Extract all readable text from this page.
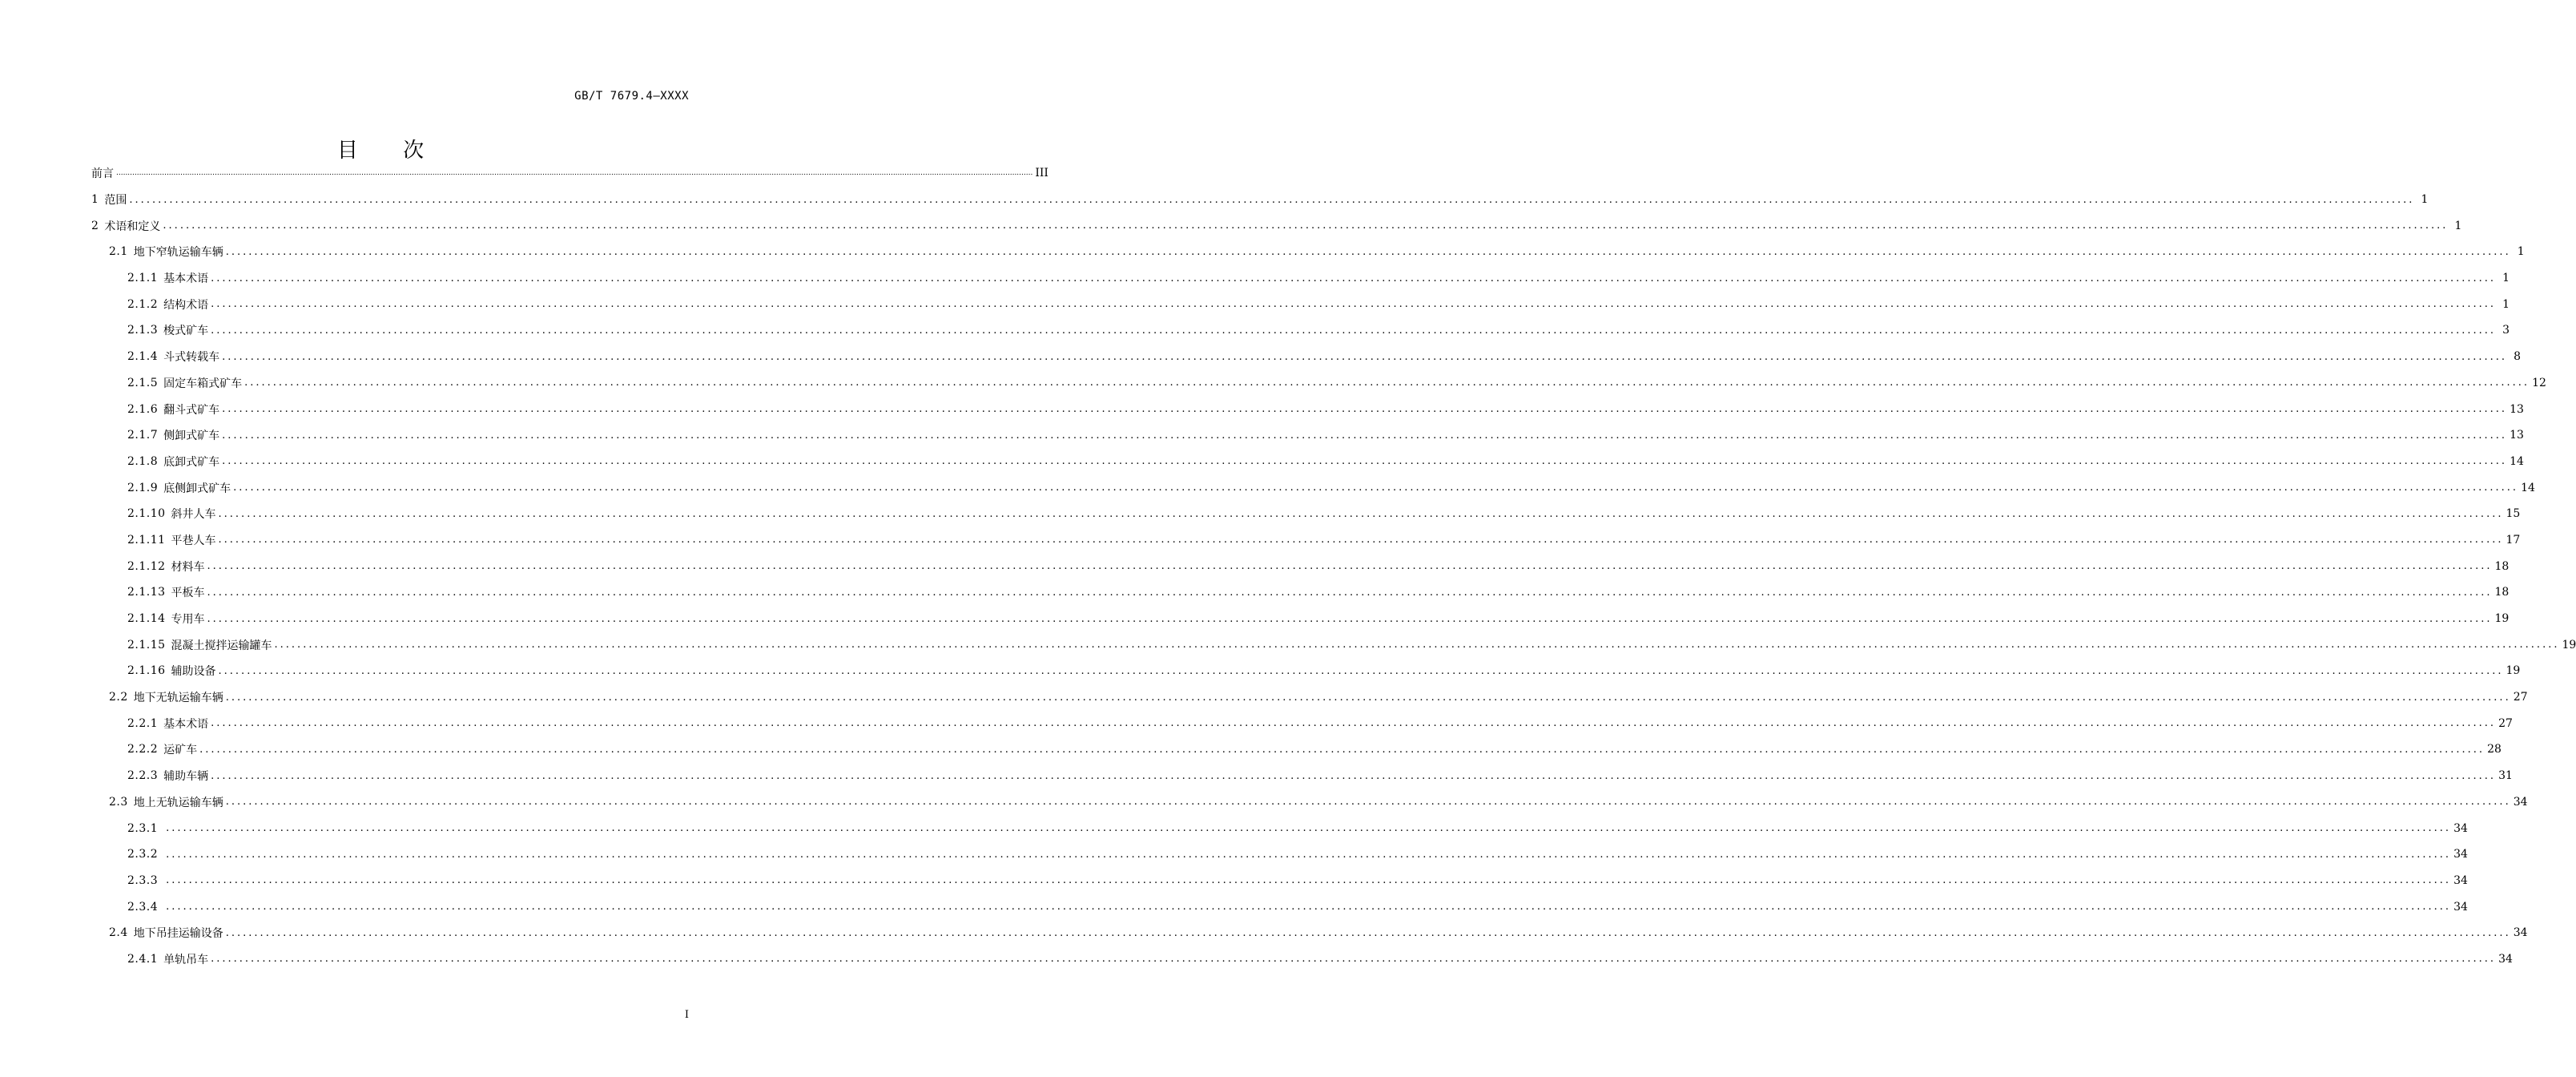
GB/T 7679.4—XXXX
目 次
前言 ................................................................................................................................................................................................................................................................................................................................................................................................................ III
1 范围 ................................................................................................................................................................................................................................................................................................................................................................................................................ 1
2 术语和定义 ................................................................................................................................................................................................................................................................................................................................................................................................................ 1
2.1 地下窄轨运输车辆 ................................................................................................................................................................................................................................................................................................................................................................................................................ 1
2.1.1 基本术语 ................................................................................................................................................................................................................................................................................................................................................................................................................ 1
2.1.2 结构术语 ................................................................................................................................................................................................................................................................................................................................................................................................................ 1
2.1.3 梭式矿车 ................................................................................................................................................................................................................................................................................................................................................................................................................ 3
2.1.4 斗式转载车 ................................................................................................................................................................................................................................................................................................................................................................................................................ 8
2.1.5 固定车箱式矿车 ................................................................................................................................................................................................................................................................................................................................................................................................................ 12
2.1.6 翻斗式矿车 ................................................................................................................................................................................................................................................................................................................................................................................................................ 13
2.1.7 侧卸式矿车 ................................................................................................................................................................................................................................................................................................................................................................................................................ 13
2.1.8 底卸式矿车 ................................................................................................................................................................................................................................................................................................................................................................................................................ 14
2.1.9 底侧卸式矿车 ................................................................................................................................................................................................................................................................................................................................................................................................................ 14
2.1.10 斜井人车 ................................................................................................................................................................................................................................................................................................................................................................................................................ 15
2.1.11 平巷人车 ................................................................................................................................................................................................................................................................................................................................................................................................................ 17
2.1.12 材料车 ................................................................................................................................................................................................................................................................................................................................................................................................................ 18
2.1.13 平板车 ................................................................................................................................................................................................................................................................................................................................................................................................................ 18
2.1.14 专用车 ................................................................................................................................................................................................................................................................................................................................................................................................................ 19
2.1.15 混凝土搅拌运输罐车 ................................................................................................................................................................................................................................................................................................................................................................................................................ 19
2.1.16 辅助设备 ................................................................................................................................................................................................................................................................................................................................................................................................................ 19
2.2 地下无轨运输车辆 ................................................................................................................................................................................................................................................................................................................................................................................................................ 27
2.2.1 基本术语 ................................................................................................................................................................................................................................................................................................................................................................................................................ 27
2.2.2 运矿车 ................................................................................................................................................................................................................................................................................................................................................................................................................ 28
2.2.3 辅助车辆 ................................................................................................................................................................................................................................................................................................................................................................................................................ 31
2.3 地上无轨运输车辆 ................................................................................................................................................................................................................................................................................................................................................................................................................ 34
2.3.1 ................................................................................................................................................................................................................................................................................................................................................................................................................ 34
2.3.2 ................................................................................................................................................................................................................................................................................................................................................................................................................ 34
2.3.3 ................................................................................................................................................................................................................................................................................................................................................................................................................ 34
2.3.4 ................................................................................................................................................................................................................................................................................................................................................................................................................ 34
2.4 地下吊挂运输设备 ................................................................................................................................................................................................................................................................................................................................................................................................................ 34
2.4.1 单轨吊车 ................................................................................................................................................................................................................................................................................................................................................................................................................ 34
I
